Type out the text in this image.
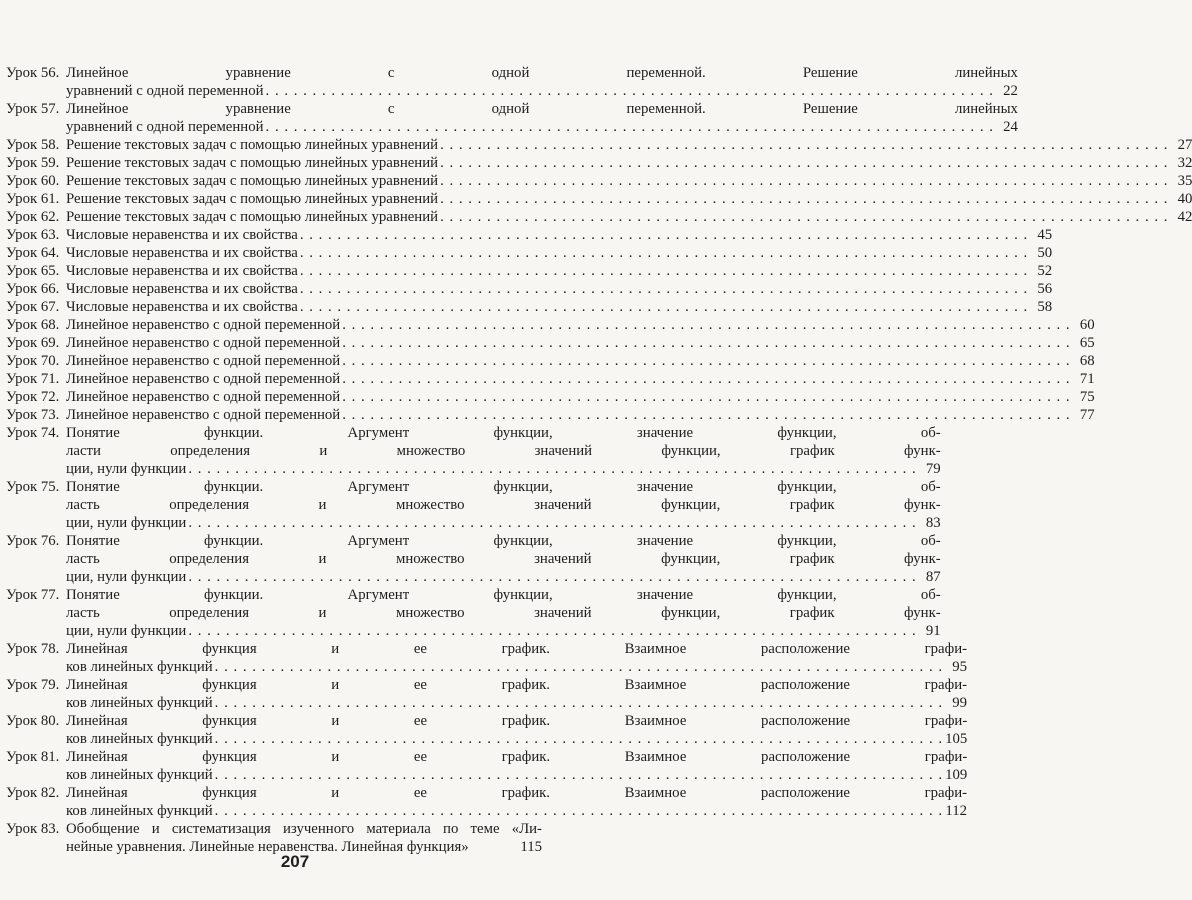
Урок 56. Линейное уравнение с одной переменной. Решение линейных
уравнений с одной переменной . . . . . . . . . . . . . . . . . . . . . . . . . . . . . . . . . . . . . . . . . . . . . . . . . . . . . . . . . . . . . . . . . . . . . . . . . . . . . . 22
Урок 57. Линейное уравнение с одной переменной. Решение линейных
уравнений с одной переменной . . . . . . . . . . . . . . . . . . . . . . . . . . . . . . . . . . . . . . . . . . . . . . . . . . . . . . . . . . . . . . . . . . . . . . . . . . . . . . 24
Урок 58. Решение текстовых задач с помощью линейных уравнений . . . . . . . . . . . . . . . . . . . . . . . . . . . . . . . . . . . . . . . . . . . . . . . . . . . . . . . . . . . . . . . . . . . . . . . . . . . . . . 27
Урок 59. Решение текстовых задач с помощью линейных уравнений . . . . . . . . . . . . . . . . . . . . . . . . . . . . . . . . . . . . . . . . . . . . . . . . . . . . . . . . . . . . . . . . . . . . . . . . . . . . . . 32
Урок 60. Решение текстовых задач с помощью линейных уравнений . . . . . . . . . . . . . . . . . . . . . . . . . . . . . . . . . . . . . . . . . . . . . . . . . . . . . . . . . . . . . . . . . . . . . . . . . . . . . . 35
Урок 61. Решение текстовых задач с помощью линейных уравнений . . . . . . . . . . . . . . . . . . . . . . . . . . . . . . . . . . . . . . . . . . . . . . . . . . . . . . . . . . . . . . . . . . . . . . . . . . . . . . 40
Урок 62. Решение текстовых задач с помощью линейных уравнений . . . . . . . . . . . . . . . . . . . . . . . . . . . . . . . . . . . . . . . . . . . . . . . . . . . . . . . . . . . . . . . . . . . . . . . . . . . . . . 42
Урок 63. Числовые неравенства и их свойства . . . . . . . . . . . . . . . . . . . . . . . . . . . . . . . . . . . . . . . . . . . . . . . . . . . . . . . . . . . . . . . . . . . . . . . . . . . . . . 45
Урок 64. Числовые неравенства и их свойства . . . . . . . . . . . . . . . . . . . . . . . . . . . . . . . . . . . . . . . . . . . . . . . . . . . . . . . . . . . . . . . . . . . . . . . . . . . . . . 50
Урок 65. Числовые неравенства и их свойства . . . . . . . . . . . . . . . . . . . . . . . . . . . . . . . . . . . . . . . . . . . . . . . . . . . . . . . . . . . . . . . . . . . . . . . . . . . . . . 52
Урок 66. Числовые неравенства и их свойства . . . . . . . . . . . . . . . . . . . . . . . . . . . . . . . . . . . . . . . . . . . . . . . . . . . . . . . . . . . . . . . . . . . . . . . . . . . . . . 56
Урок 67. Числовые неравенства и их свойства . . . . . . . . . . . . . . . . . . . . . . . . . . . . . . . . . . . . . . . . . . . . . . . . . . . . . . . . . . . . . . . . . . . . . . . . . . . . . . 58
Урок 68. Линейное неравенство с одной переменной . . . . . . . . . . . . . . . . . . . . . . . . . . . . . . . . . . . . . . . . . . . . . . . . . . . . . . . . . . . . . . . . . . . . . . . . . . . . . . 60
Урок 69. Линейное неравенство с одной переменной . . . . . . . . . . . . . . . . . . . . . . . . . . . . . . . . . . . . . . . . . . . . . . . . . . . . . . . . . . . . . . . . . . . . . . . . . . . . . . 65
Урок 70. Линейное неравенство с одной переменной . . . . . . . . . . . . . . . . . . . . . . . . . . . . . . . . . . . . . . . . . . . . . . . . . . . . . . . . . . . . . . . . . . . . . . . . . . . . . . 68
Урок 71. Линейное неравенство с одной переменной . . . . . . . . . . . . . . . . . . . . . . . . . . . . . . . . . . . . . . . . . . . . . . . . . . . . . . . . . . . . . . . . . . . . . . . . . . . . . . 71
Урок 72. Линейное неравенство с одной переменной . . . . . . . . . . . . . . . . . . . . . . . . . . . . . . . . . . . . . . . . . . . . . . . . . . . . . . . . . . . . . . . . . . . . . . . . . . . . . . 75
Урок 73. Линейное неравенство с одной переменной . . . . . . . . . . . . . . . . . . . . . . . . . . . . . . . . . . . . . . . . . . . . . . . . . . . . . . . . . . . . . . . . . . . . . . . . . . . . . . 77
Урок 74. Понятие функции. Аргумент функции, значение функции, об-
ласти определения и множество значений функции, график функ-
ции, нули функции . . . . . . . . . . . . . . . . . . . . . . . . . . . . . . . . . . . . . . . . . . . . . . . . . . . . . . . . . . . . . . . . . . . . . . . . . . . . . . 79
Урок 75. Понятие функции. Аргумент функции, значение функции, об-
ласть определения и множество значений функции, график функ-
ции, нули функции . . . . . . . . . . . . . . . . . . . . . . . . . . . . . . . . . . . . . . . . . . . . . . . . . . . . . . . . . . . . . . . . . . . . . . . . . . . . . . 83
Урок 76. Понятие функции. Аргумент функции, значение функции, об-
ласть определения и множество значений функции, график функ-
ции, нули функции . . . . . . . . . . . . . . . . . . . . . . . . . . . . . . . . . . . . . . . . . . . . . . . . . . . . . . . . . . . . . . . . . . . . . . . . . . . . . . 87
Урок 77. Понятие функции. Аргумент функции, значение функции, об-
ласть определения и множество значений функции, график функ-
ции, нули функции . . . . . . . . . . . . . . . . . . . . . . . . . . . . . . . . . . . . . . . . . . . . . . . . . . . . . . . . . . . . . . . . . . . . . . . . . . . . . . 91
Урок 78. Линейная функция и ее график. Взаимное расположение графи-
ков линейных функций . . . . . . . . . . . . . . . . . . . . . . . . . . . . . . . . . . . . . . . . . . . . . . . . . . . . . . . . . . . . . . . . . . . . . . . . . . . . . . 95
Урок 79. Линейная функция и ее график. Взаимное расположение графи-
ков линейных функций . . . . . . . . . . . . . . . . . . . . . . . . . . . . . . . . . . . . . . . . . . . . . . . . . . . . . . . . . . . . . . . . . . . . . . . . . . . . . . 99
Урок 80. Линейная функция и ее график. Взаимное расположение графи-
ков линейных функций . . . . . . . . . . . . . . . . . . . . . . . . . . . . . . . . . . . . . . . . . . . . . . . . . . . . . . . . . . . . . . . . . . . . . . . . . . . . . . 105
Урок 81. Линейная функция и ее график. Взаимное расположение графи-
ков линейных функций . . . . . . . . . . . . . . . . . . . . . . . . . . . . . . . . . . . . . . . . . . . . . . . . . . . . . . . . . . . . . . . . . . . . . . . . . . . . . . 109
Урок 82. Линейная функция и ее график. Взаимное расположение графи-
ков линейных функций . . . . . . . . . . . . . . . . . . . . . . . . . . . . . . . . . . . . . . . . . . . . . . . . . . . . . . . . . . . . . . . . . . . . . . . . . . . . . . 112
Урок 83. Обобщение и систематизация изученного материала по теме «Ли-
нейные уравнения. Линейные неравенства. Линейная функция»	115
207
